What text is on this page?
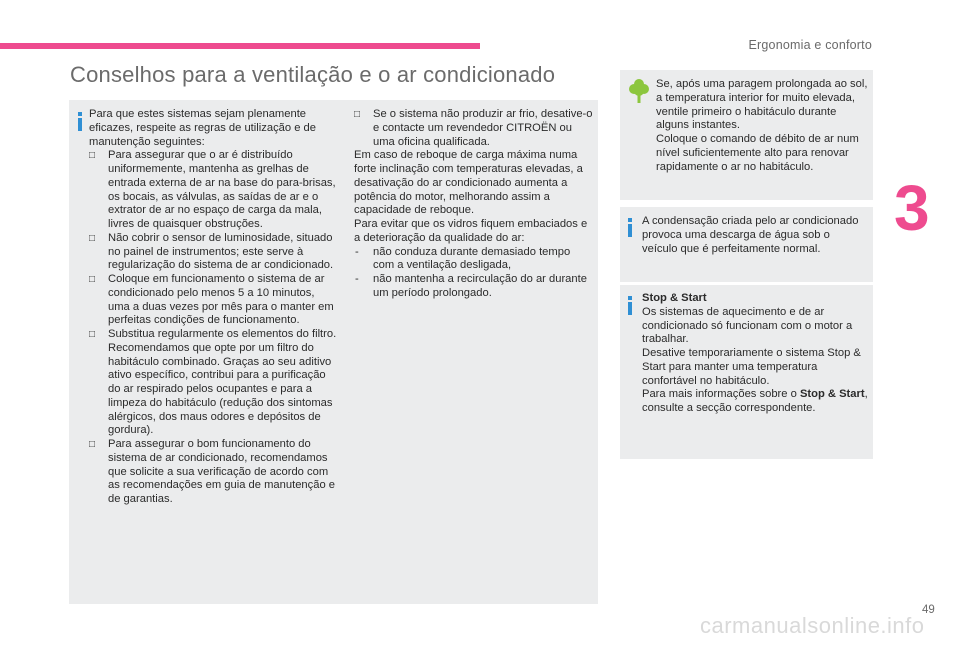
Ergonomia e conforto
3
Conselhos para a ventilação e o ar condicionado

Para que estes sistemas sejam plenamente eficazes, respeite as regras de utilização e de manutenção seguintes:

□ Para assegurar que o ar é distribuído uniformemente, mantenha as grelhas de entrada externa de ar na base do para-brisas, os bocais, as válvulas, as saídas de ar e o extrator de ar no espaço de carga da mala, livres de quaisquer obstruções.

□ Não cobrir o sensor de luminosidade, situado no painel de instrumentos; este serve à regularização do sistema de ar condicionado.

□ Coloque em funcionamento o sistema de ar condicionado pelo menos 5 a 10 minutos, uma a duas vezes por mês para o manter em perfeitas condições de funcionamento.

□ Substitua regularmente os elementos do filtro. Recomendamos que opte por um filtro do habitáculo combinado. Graças ao seu aditivo ativo específico, contribui para a purificação do ar respirado pelos ocupantes e para a limpeza do habitáculo (redução dos sintomas alérgicos, dos maus odores e depósitos de gordura).

□ Para assegurar o bom funcionamento do sistema de ar condicionado, recomendamos que solicite a sua verificação de acordo com as recomendações em guia de manutenção e de garantias.

□ Se o sistema não produzir ar frio, desative-o e contacte um revendedor CITROËN ou uma oficina qualificada.

Em caso de reboque de carga máxima numa forte inclinação com temperaturas elevadas, a desativação do ar condicionado aumenta a potência do motor, melhorando assim a capacidade de reboque.

Para evitar que os vidros fiquem embaciados e a deterioração da qualidade do ar:

- não conduza durante demasiado tempo com a ventilação desligada,

- não mantenha a recirculação do ar durante um período prolongado.

Se, após uma paragem prolongada ao sol, a temperatura interior for muito elevada, ventile primeiro o habitáculo durante alguns instantes.

Coloque o comando de débito de ar num nível suficientemente alto para renovar rapidamente o ar no habitáculo.

A condensação criada pelo ar condicionado provoca uma descarga de água sob o veículo que é perfeitamente normal.

Stop & Start

Os sistemas de aquecimento e de ar condicionado só funcionam com o motor a trabalhar.

Desative temporariamente o sistema Stop & Start para manter uma temperatura confortável no habitáculo.

Para mais informações sobre o Stop & Start, consulte a secção correspondente.

49
carmanualsonline.info
